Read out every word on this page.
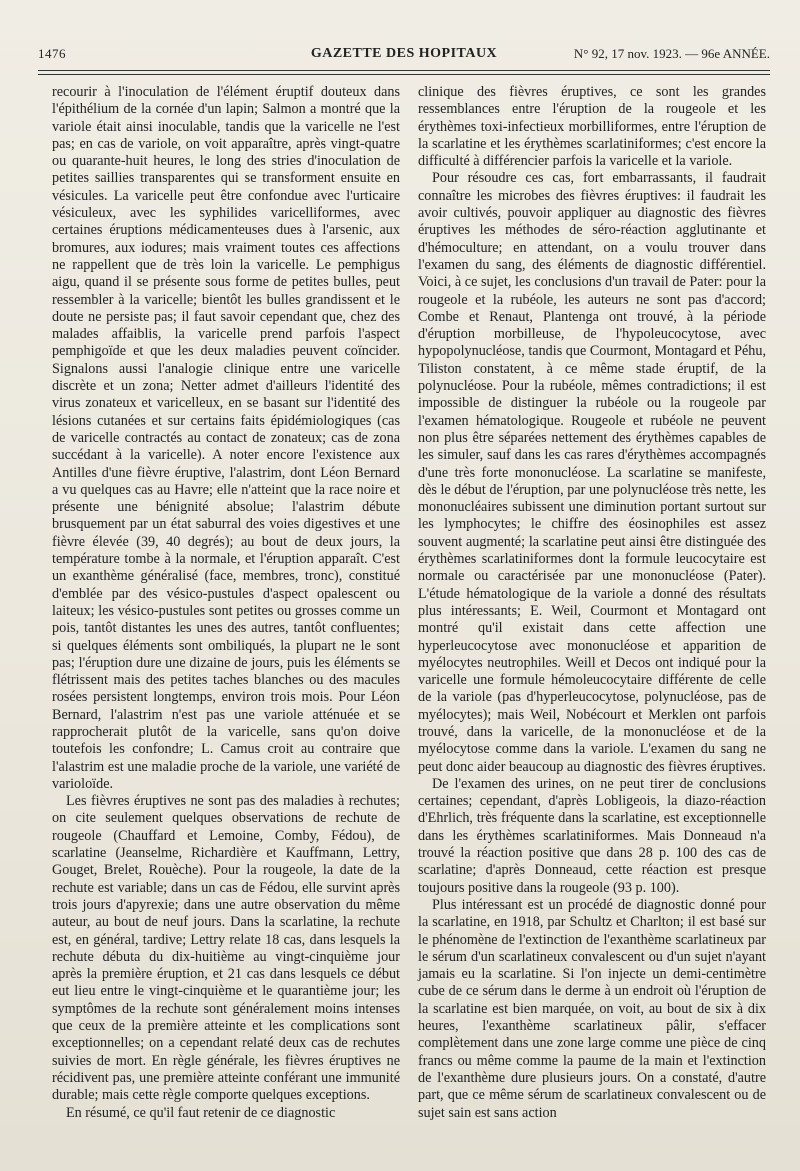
1476	GAZETTE DES HOPITAUX	N° 92, 17 nov. 1923. — 96e ANNÉE.

recourir à l'inoculation de l'élément éruptif douteux dans l'épithélium de la cornée d'un lapin; Salmon a montré que la variole était ainsi inoculable, tandis que la varicelle ne l'est pas; en cas de variole, on voit apparaître, après vingt-quatre ou quarante-huit heures, le long des stries d'inoculation de petites saillies transparentes qui se transforment ensuite en vésicules. La varicelle peut être confondue avec l'urticaire vésiculeux, avec les syphilides varicelliformes, avec certaines éruptions médicamenteuses dues à l'arsenic, aux bromures, aux iodures; mais vraiment toutes ces affections ne rappellent que de très loin la varicelle. Le pemphigus aigu, quand il se présente sous forme de petites bulles, peut ressembler à la varicelle; bientôt les bulles grandissent et le doute ne persiste pas; il faut savoir cependant que, chez des malades affaiblis, la varicelle prend parfois l'aspect pemphigoïde et que les deux maladies peuvent coïncider. Signalons aussi l'analogie clinique entre une varicelle discrète et un zona; Netter admet d'ailleurs l'identité des virus zonateux et varicelleux, en se basant sur l'identité des lésions cutanées et sur certains faits épidémiologiques (cas de varicelle contractés au contact de zonateux; cas de zona succédant à la varicelle). A noter encore l'existence aux Antilles d'une fièvre éruptive, l'alastrim, dont Léon Bernard a vu quelques cas au Havre; elle n'atteint que la race noire et présente une bénignité absolue; l'alastrim débute brusquement par un état saburral des voies digestives et une fièvre élevée (39, 40 degrés); au bout de deux jours, la température tombe à la normale, et l'éruption apparaît. C'est un exanthème généralisé (face, membres, tronc), constitué d'emblée par des vésico-pustules d'aspect opalescent ou laiteux; les vésico-pustules sont petites ou grosses comme un pois, tantôt distantes les unes des autres, tantôt confluentes; si quelques éléments sont ombiliqués, la plupart ne le sont pas; l'éruption dure une dizaine de jours, puis les éléments se flétrissent mais des petites taches blanches ou des macules rosées persistent longtemps, environ trois mois. Pour Léon Bernard, l'alastrim n'est pas une variole atténuée et se rapprocherait plutôt de la varicelle, sans qu'on doive toutefois les confondre; L. Camus croit au contraire que l'alastrim est une maladie proche de la variole, une variété de varioloïde.

Les fièvres éruptives ne sont pas des maladies à rechutes; on cite seulement quelques observations de rechute de rougeole (Chauffard et Lemoine, Comby, Fédou), de scarlatine (Jeanselme, Richardière et Kauffmann, Lettry, Gouget, Brelet, Rouèche). Pour la rougeole, la date de la rechute est variable; dans un cas de Fédou, elle survint après trois jours d'apyrexie; dans une autre observation du même auteur, au bout de neuf jours. Dans la scarlatine, la rechute est, en général, tardive; Lettry relate 18 cas, dans lesquels la rechute débuta du dix-huitième au vingt-cinquième jour après la première éruption, et 21 cas dans lesquels ce début eut lieu entre le vingt-cinquième et le quarantième jour; les symptômes de la rechute sont généralement moins intenses que ceux de la première atteinte et les complications sont exceptionnelles; on a cependant relaté deux cas de rechutes suivies de mort. En règle générale, les fièvres éruptives ne récidivent pas, une première atteinte conférant une immunité durable; mais cette règle comporte quelques exceptions.

En résumé, ce qu'il faut retenir de ce diagnostic

clinique des fièvres éruptives, ce sont les grandes ressemblances entre l'éruption de la rougeole et les érythèmes toxi-infectieux morbilliformes, entre l'éruption de la scarlatine et les érythèmes scarlatiniformes; c'est encore la difficulté à différencier parfois la varicelle et la variole.

Pour résoudre ces cas, fort embarrassants, il faudrait connaître les microbes des fièvres éruptives: il faudrait les avoir cultivés, pouvoir appliquer au diagnostic des fièvres éruptives les méthodes de séro-réaction agglutinante et d'hémoculture; en attendant, on a voulu trouver dans l'examen du sang, des éléments de diagnostic différentiel. Voici, à ce sujet, les conclusions d'un travail de Pater: pour la rougeole et la rubéole, les auteurs ne sont pas d'accord; Combe et Renaut, Plantenga ont trouvé, à la période d'éruption morbilleuse, de l'hypoleucocytose, avec hypopolynucléose, tandis que Courmont, Montagard et Péhu, Tiliston constatent, à ce même stade éruptif, de la polynucléose. Pour la rubéole, mêmes contradictions; il est impossible de distinguer la rubéole ou la rougeole par l'examen hématologique. Rougeole et rubéole ne peuvent non plus être séparées nettement des érythèmes capables de les simuler, sauf dans les cas rares d'érythèmes accompagnés d'une très forte mononucléose. La scarlatine se manifeste, dès le début de l'éruption, par une polynucléose très nette, les mononucléaires subissent une diminution portant surtout sur les lymphocytes; le chiffre des éosinophiles est assez souvent augmenté; la scarlatine peut ainsi être distinguée des érythèmes scarlatiniformes dont la formule leucocytaire est normale ou caractérisée par une mononucléose (Pater). L'étude hématologique de la variole a donné des résultats plus intéressants; E. Weil, Courmont et Montagard ont montré qu'il existait dans cette affection une hyperleucocytose avec mononucléose et apparition de myélocytes neutrophiles. Weill et Decos ont indiqué pour la varicelle une formule hémoleucocytaire différente de celle de la variole (pas d'hyperleucocytose, polynucléose, pas de myélocytes); mais Weil, Nobécourt et Merklen ont parfois trouvé, dans la varicelle, de la mononucléose et de la myélocytose comme dans la variole. L'examen du sang ne peut donc aider beaucoup au diagnostic des fièvres éruptives.

De l'examen des urines, on ne peut tirer de conclusions certaines; cependant, d'après Lobligeois, la diazo-réaction d'Ehrlich, très fréquente dans la scarlatine, est exceptionnelle dans les érythèmes scarlatiniformes. Mais Donneaud n'a trouvé la réaction positive que dans 28 p. 100 des cas de scarlatine; d'après Donneaud, cette réaction est presque toujours positive dans la rougeole (93 p. 100).

Plus intéressant est un procédé de diagnostic donné pour la scarlatine, en 1918, par Schultz et Charlton; il est basé sur le phénomène de l'extinction de l'exanthème scarlatineux par le sérum d'un scarlatineux convalescent ou d'un sujet n'ayant jamais eu la scarlatine. Si l'on injecte un demi-centimètre cube de ce sérum dans le derme à un endroit où l'éruption de la scarlatine est bien marquée, on voit, au bout de six à dix heures, l'exanthème scarlatineux pâlir, s'effacer complètement dans une zone large comme une pièce de cinq francs ou même comme la paume de la main et l'extinction de l'exanthème dure plusieurs jours. On a constaté, d'autre part, que ce même sérum de scarlatineux convalescent ou de sujet sain est sans action
